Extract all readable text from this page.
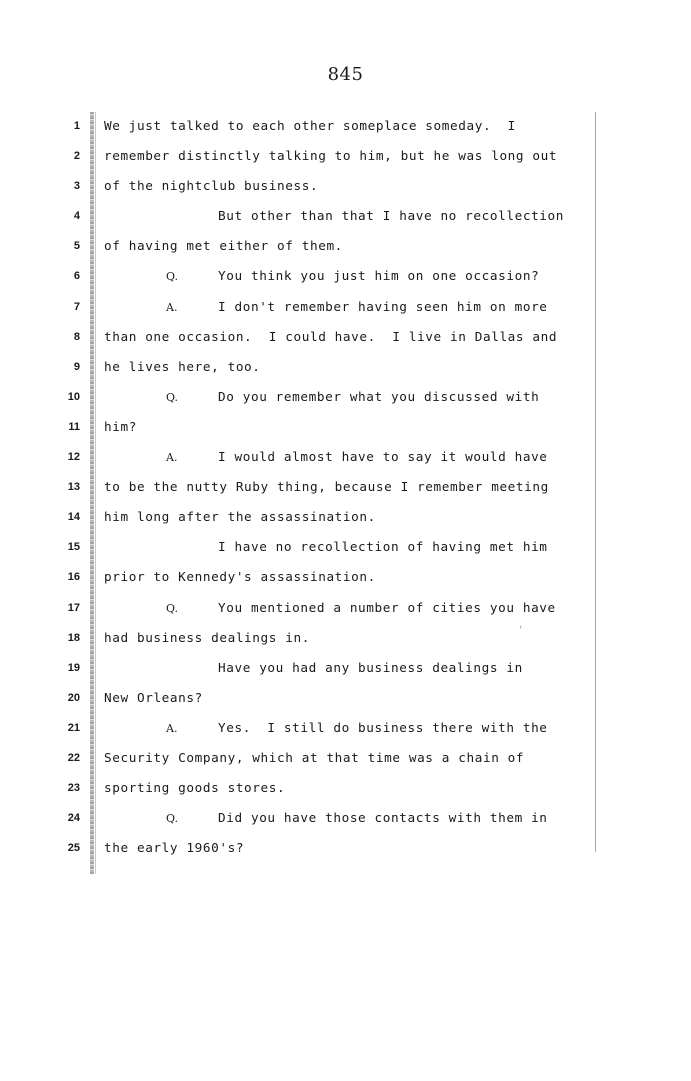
845
1 We just talked to each other someplace someday.  I
2 remember distinctly talking to him, but he was long out
3 of the nightclub business.
4	But other than that I have no recollection
5 of having met either of them.
6	Q.	You think you just him on one occasion?
7	A.	I don't remember having seen him on more
8 than one occasion.  I could have.  I live in Dallas and
9 he lives here, too.
10	Q.	Do you remember what you discussed with
11 him?
12	A.	I would almost have to say it would have
13 to be the nutty Ruby thing, because I remember meeting
14 him long after the assassination.
15	I have no recollection of having met him
16 prior to Kennedy's assassination.
17	Q.	You mentioned a number of cities you have
18 had business dealings in.
19	Have you had any business dealings in
20 New Orleans?
21	A.	Yes.  I still do business there with the
22 Security Company, which at that time was a chain of
23 sporting goods stores.
24	Q.	Did you have those contacts with them in
25 the early 1960's?
ʳ
